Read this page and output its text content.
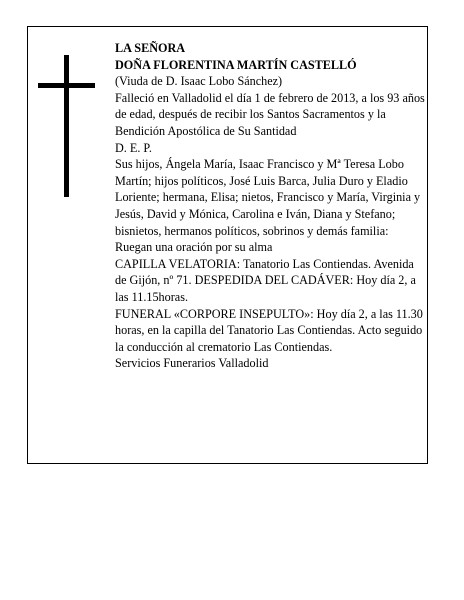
LA SEÑORA
DOÑA FLORENTINA MARTÍN CASTELLÓ
(Viuda de D. Isaac Lobo Sánchez)
Falleció en Valladolid el día 1 de febrero de 2013, a los 93 años de edad, después de recibir los Santos Sacramentos y la Bendición Apostólica de Su Santidad
D. E. P.
Sus hijos, Ángela María, Isaac Francisco y Mª Teresa Lobo Martín; hijos políticos, José Luis Barca, Julia Duro y Eladio Loriente; hermana, Elisa; nietos, Francisco y María, Virginia y Jesús, David y Mónica, Carolina e Iván, Diana y Stefano; bisnietos, hermanos políticos, sobrinos y demás familia:
Ruegan una oración por su alma
CAPILLA VELATORIA: Tanatorio Las Contiendas. Avenida de Gijón, nº 71. DESPEDIDA DEL CADÁVER: Hoy día 2, a las 11.15horas.
FUNERAL «CORPORE INSEPULTO»: Hoy día 2, a las 11.30 horas, en la capilla del Tanatorio Las Contiendas. Acto seguido la conducción al crematorio Las Contiendas.
Servicios Funerarios Valladolid
